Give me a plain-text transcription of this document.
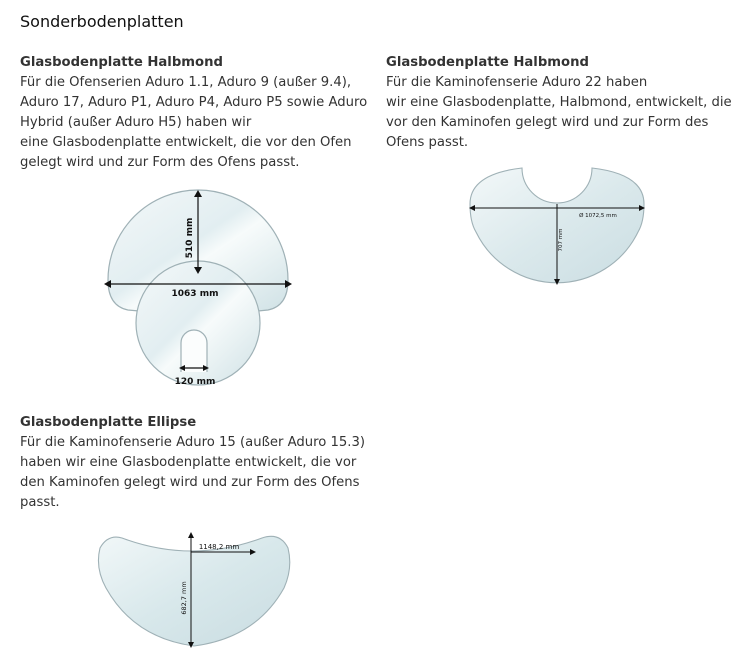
Sonderbodenplatten
Glasbodenplatte Halbmond

Für die Ofenserien Aduro 1.1, Aduro 9 (außer 9.4),
Aduro 17, Aduro P1, Aduro P4, Aduro P5 sowie Aduro
Hybrid (außer Aduro H5) haben wir
eine Glasbodenplatte entwickelt, die vor den Ofen
gelegt wird und zur Form des Ofens passt.

Glasbodenplatte Halbmond

Für die Kaminofenserie Aduro 22 haben
wir eine Glasbodenplatte, Halbmond, entwickelt, die
vor den Kaminofen gelegt wird und zur Form des
Ofens passt.

Glasbodenplatte Ellipse

Für die Kaminofenserie Aduro 15 (außer Aduro 15.3)
haben wir eine Glasbodenplatte entwickelt, die vor
den Kaminofen gelegt wird und zur Form des Ofens
passt.

510 mm
1063 mm
120 mm
Ø 1072,5 mm
707 mm
1148,2 mm
682,7 mm
